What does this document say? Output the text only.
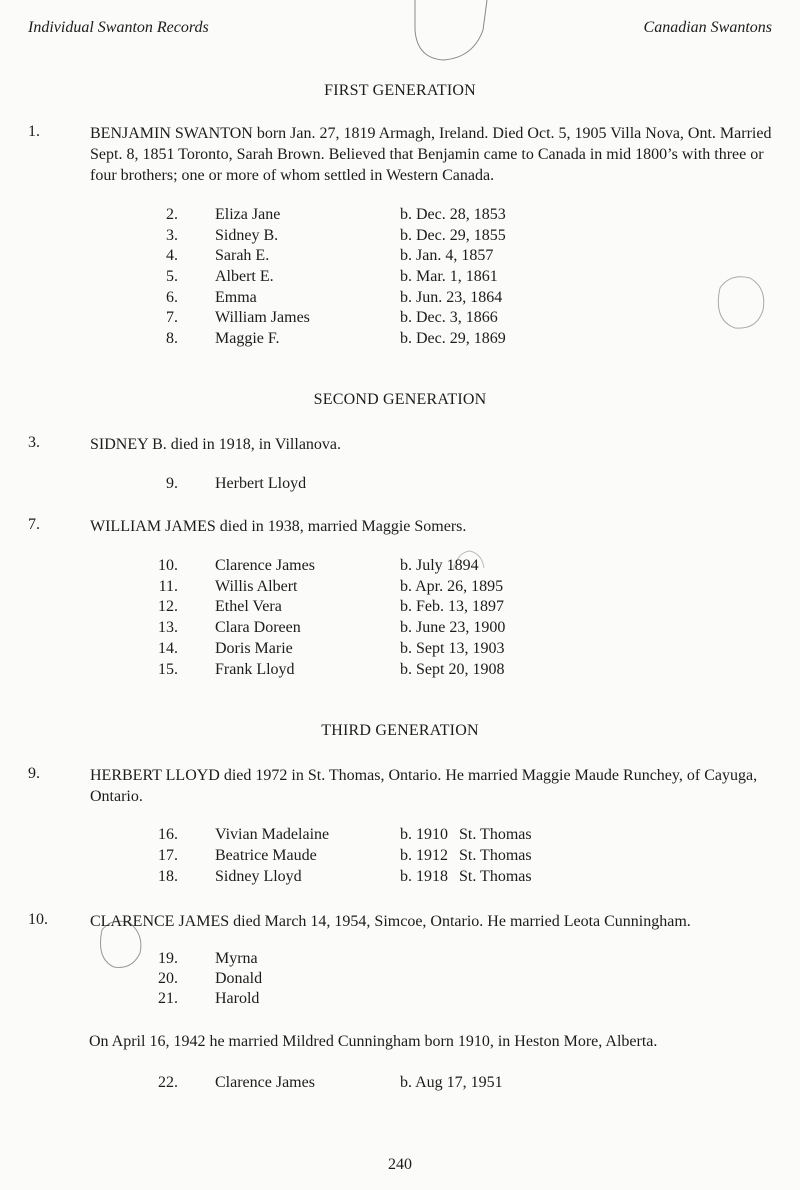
Individual Swanton Records	Canadian Swantons
FIRST GENERATION
1.	BENJAMIN SWANTON born Jan. 27, 1819 Armagh, Ireland. Died Oct. 5, 1905 Villa Nova, Ont. Married Sept. 8, 1851 Toronto, Sarah Brown. Believed that Benjamin came to Canada in mid 1800’s with three or four brothers; one or more of whom settled in Western Canada.
2. Eliza Jane	b. Dec. 28, 1853
3. Sidney B.	b. Dec. 29, 1855
4. Sarah E.	b. Jan. 4, 1857
5. Albert E.	b. Mar. 1, 1861
6. Emma	b. Jun. 23, 1864
7. William James	b. Dec. 3, 1866
8. Maggie F.	b. Dec. 29, 1869
SECOND GENERATION
3.	SIDNEY B. died in 1918, in Villanova.
9. Herbert Lloyd
7.	WILLIAM JAMES died in 1938, married Maggie Somers.
10. Clarence James	b. July 1894
11. Willis Albert	b. Apr. 26, 1895
12. Ethel Vera	b. Feb. 13, 1897
13. Clara Doreen	b. June 23, 1900
14. Doris Marie	b. Sept 13, 1903
15. Frank Lloyd	b. Sept 20, 1908
THIRD GENERATION
9.	HERBERT LLOYD died 1972 in St. Thomas, Ontario. He married Maggie Maude Runchey, of Cayuga, Ontario.
16. Vivian Madelaine	b. 1910 St. Thomas
17. Beatrice Maude	b. 1912 St. Thomas
18. Sidney Lloyd	b. 1918 St. Thomas
10.	CLARENCE JAMES died March 14, 1954, Simcoe, Ontario. He married Leota Cunningham.
19. Myrna
20. Donald
21. Harold
On April 16, 1942 he married Mildred Cunningham born 1910, in Heston More, Alberta.
22. Clarence James	b. Aug 17, 1951
240
